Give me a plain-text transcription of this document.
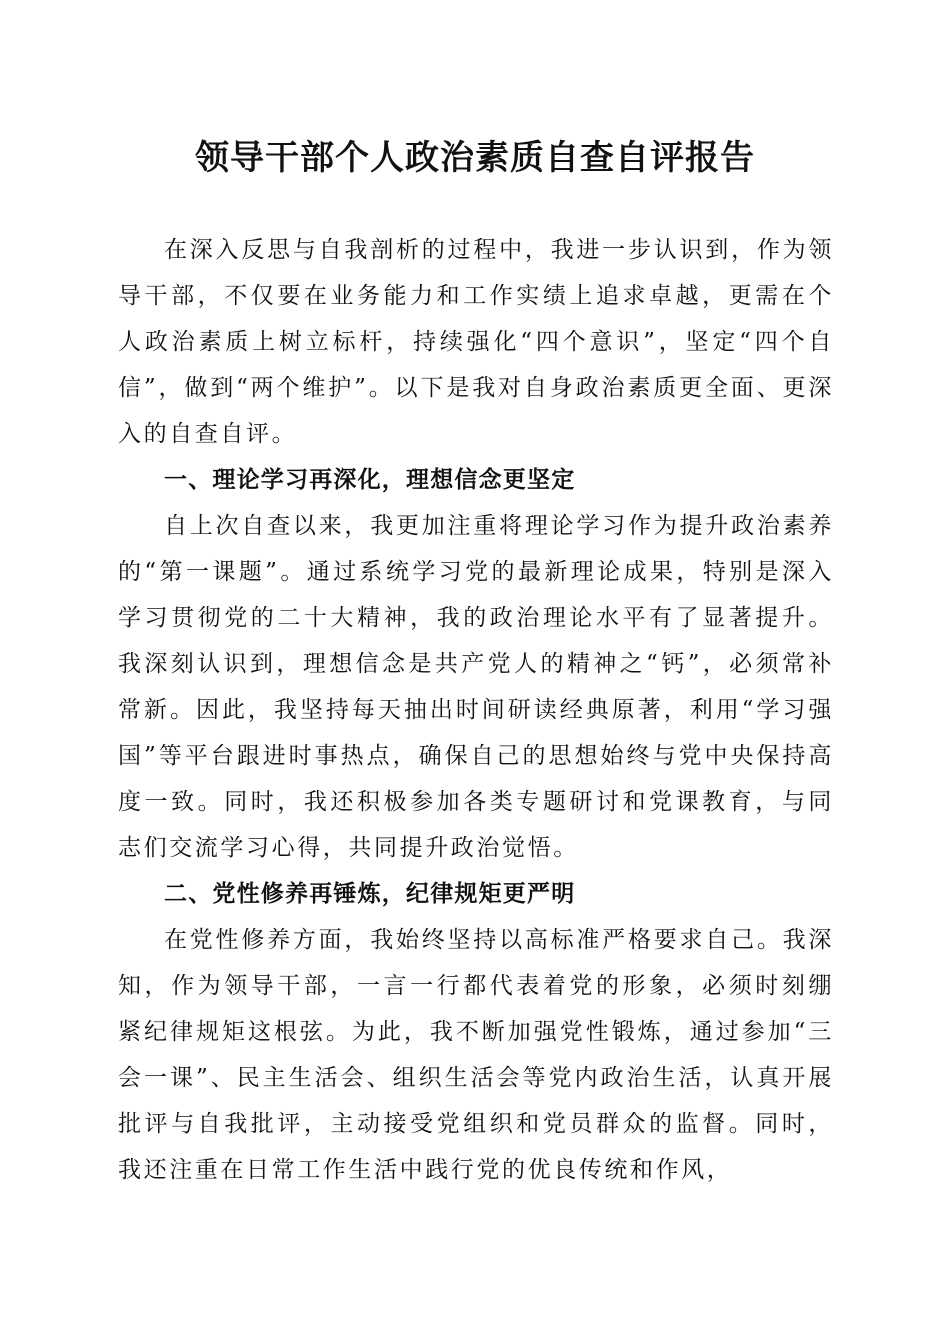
领导干部个人政治素质自查自评报告

在深入反思与自我剖析的过程中，我进一步认识到，作为领导干部，不仅要在业务能力和工作实绩上追求卓越，更需在个人政治素质上树立标杆，持续强化“四个意识”，坚定“四个自信”，做到“两个维护”。以下是我对自身政治素质更全面、更深入的自查自评。

一、理论学习再深化，理想信念更坚定

自上次自查以来，我更加注重将理论学习作为提升政治素养的“第一课题”。通过系统学习党的最新理论成果，特别是深入学习贯彻党的二十大精神，我的政治理论水平有了显著提升。我深刻认识到，理想信念是共产党人的精神之“钙”，必须常补常新。因此，我坚持每天抽出时间研读经典原著，利用“学习强国”等平台跟进时事热点，确保自己的思想始终与党中央保持高度一致。同时，我还积极参加各类专题研讨和党课教育，与同志们交流学习心得，共同提升政治觉悟。

二、党性修养再锤炼，纪律规矩更严明

在党性修养方面，我始终坚持以高标准严格要求自己。我深知，作为领导干部，一言一行都代表着党的形象，必须时刻绷紧纪律规矩这根弦。为此，我不断加强党性锻炼，通过参加“三会一课”、民主生活会、组织生活会等党内政治生活，认真开展批评与自我批评，主动接受党组织和党员群众的监督。同时，我还注重在日常工作生活中践行党的优良传统和作风，
